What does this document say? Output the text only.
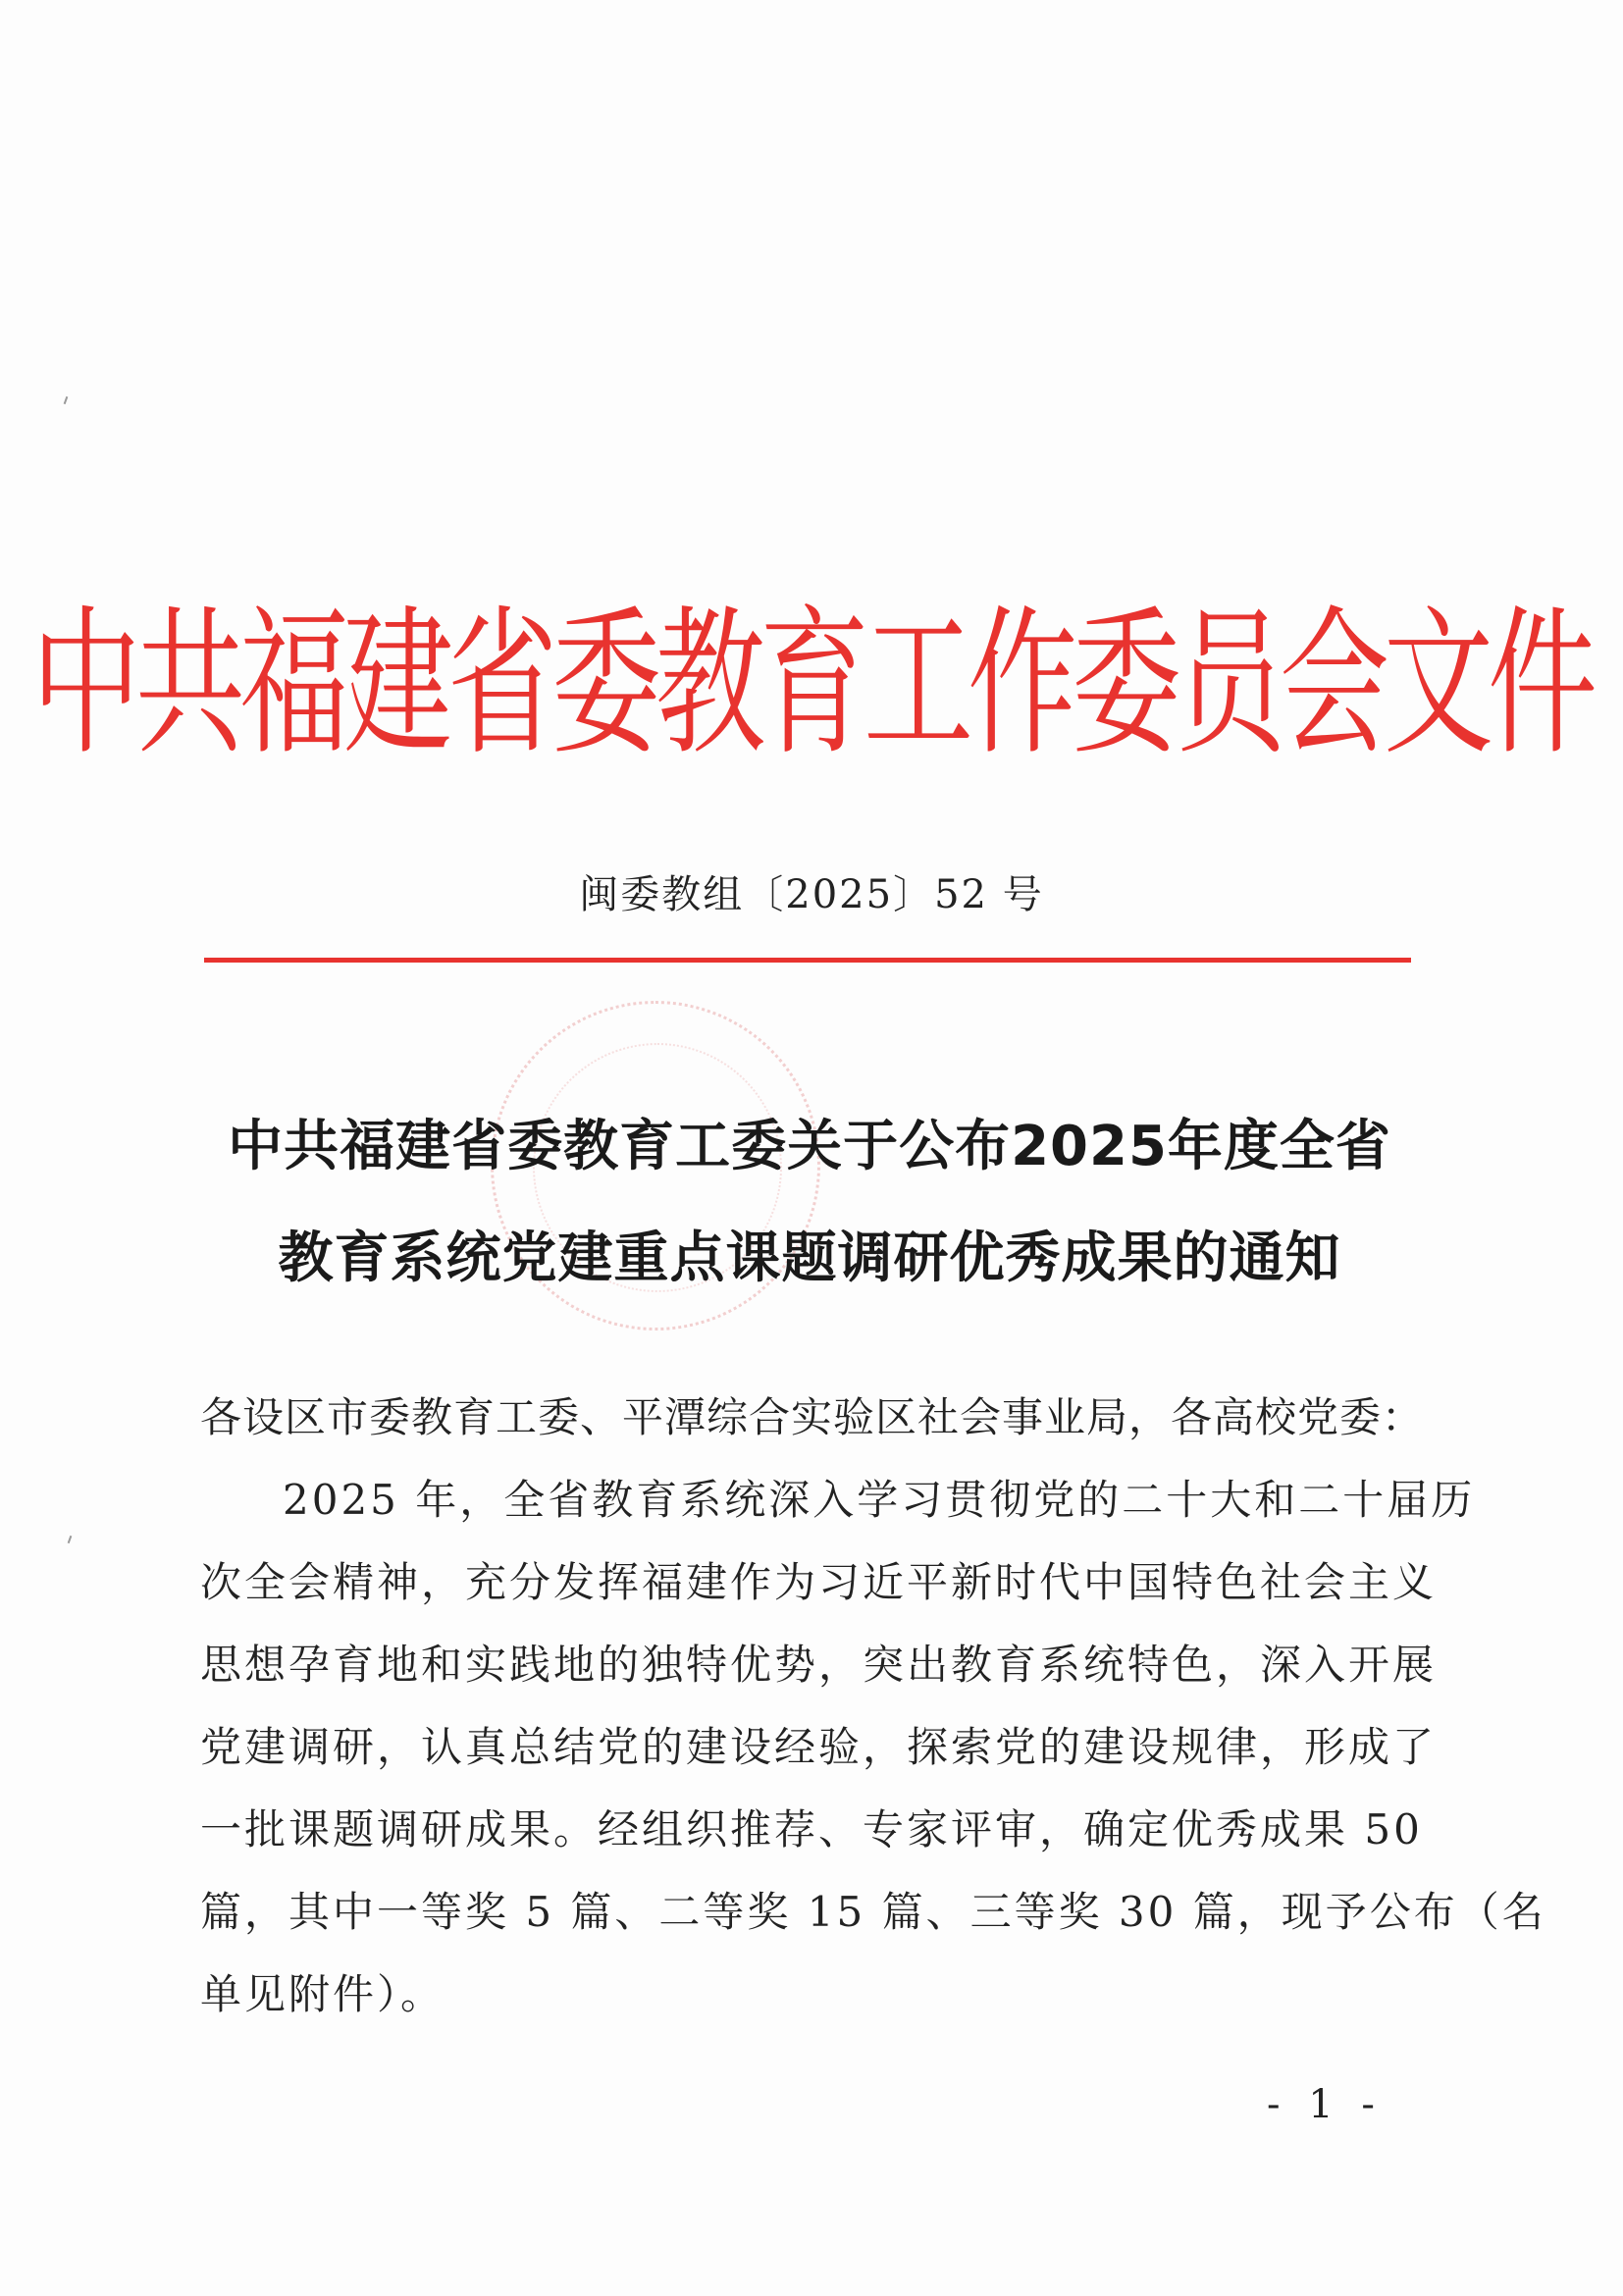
中共福建省委教育工作委员会文件
闽委教组〔2025〕52 号
中共福建省委教育工委关于公布2025年度全省
教育系统党建重点课题调研优秀成果的通知
各设区市委教育工委、平潭综合实验区社会事业局，各高校党委：
2025 年，全省教育系统深入学习贯彻党的二十大和二十届历
次全会精神，充分发挥福建作为习近平新时代中国特色社会主义
思想孕育地和实践地的独特优势，突出教育系统特色，深入开展
党建调研，认真总结党的建设经验，探索党的建设规律，形成了
一批课题调研成果。经组织推荐、专家评审，确定优秀成果 50
篇，其中一等奖 5 篇、二等奖 15 篇、三等奖 30 篇，现予公布（名
单见附件）。
- 1 -
